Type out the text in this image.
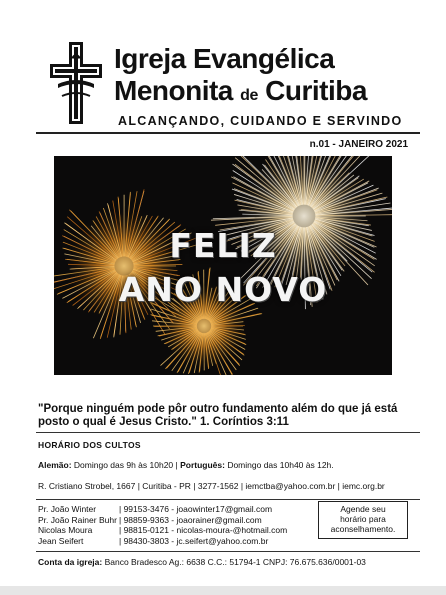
Igreja Evangélica
Menonita de Curitiba
ALCANÇANDO, CUIDANDO E SERVINDO
n.01 - JANEIRO 2021
FELIZ
ANO NOVO
"Porque ninguém pode pôr outro fundamento além do que já está posto o qual é Jesus Cristo." 1. Coríntios 3:11
HORÁRIO DOS CULTOS
Alemão: Domingo das 9h às 10h20 | Português: Domingo das 10h40 às 12h.
R. Cristiano Strobel, 1667 | Curitiba - PR | 3277-1562 | iemctba@yahoo.com.br | iemc.org.br
Pr. João Winter
Pr. João Rainer Buhr
Nicolas Moura
Jean Seifert
| 99153-3476 - joaowinter17@gmail.com
| 98859-9363 - joaorainer@gmail.com
| 98815-0121 - nicolas-moura-@hotmail.com
| 98430-3803 - jc.seifert@yahoo.com.br
Agende seu
horário para
aconselhamento.
Conta da igreja: Banco Bradesco Ag.: 6638 C.C.: 51794-1 CNPJ: 76.675.636/0001-03
